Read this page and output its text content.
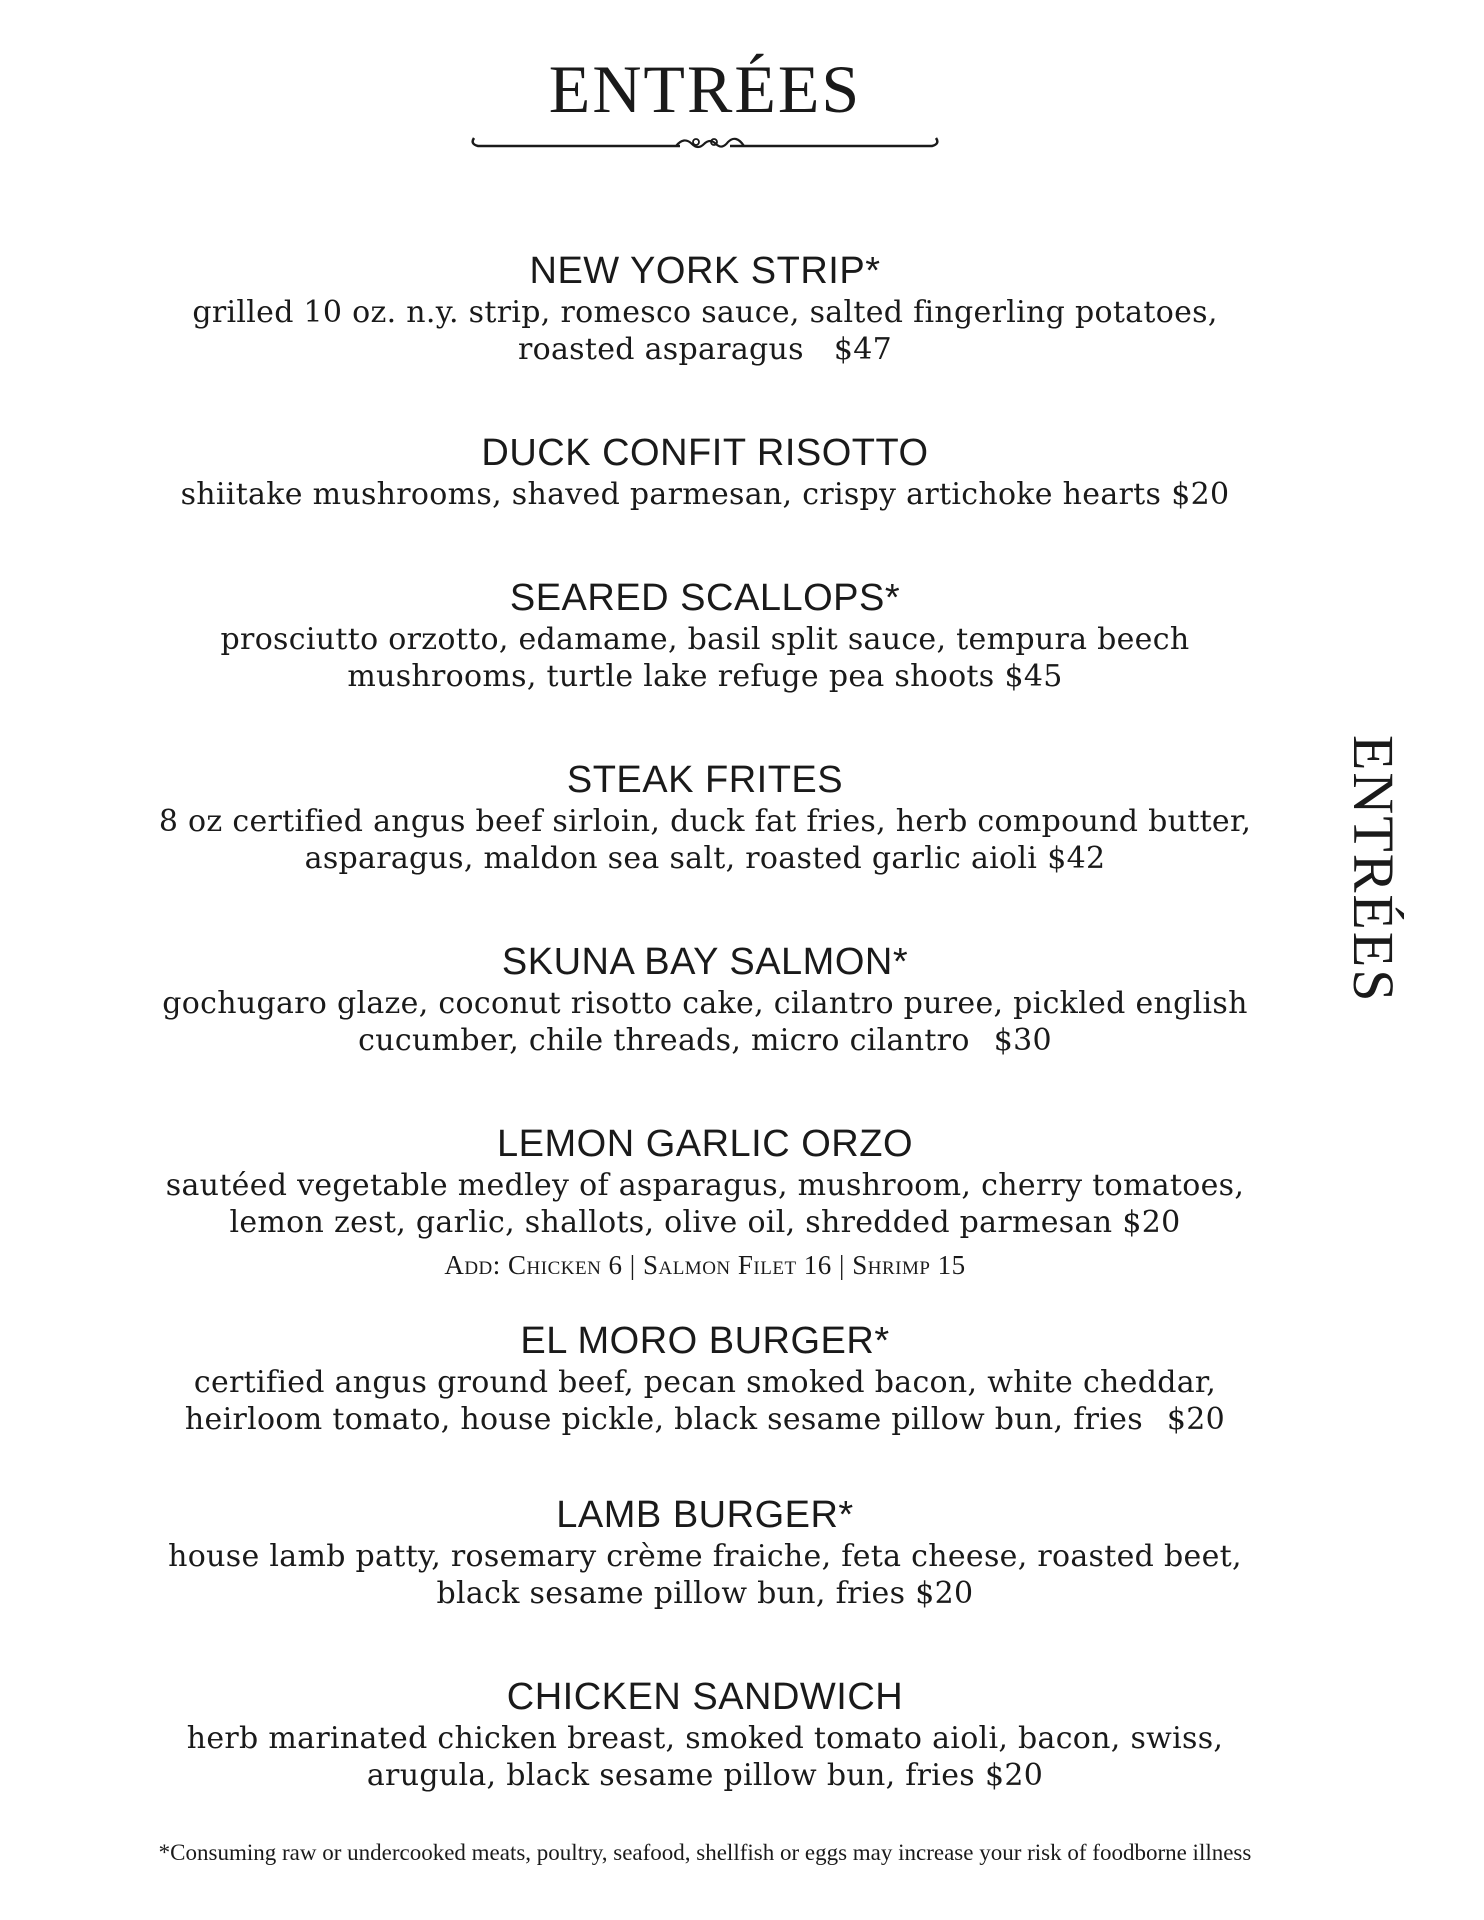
ENTRÉES

NEW YORK STRIP*

grilled 10 oz. n.y. strip, romesco sauce, salted fingerling potatoes,

roasted asparagus $47

DUCK CONFIT RISOTTO

shiitake mushrooms, shaved parmesan, crispy artichoke hearts $20

SEARED SCALLOPS*

prosciutto orzotto, edamame, basil split sauce, tempura beech

mushrooms, turtle lake refuge pea shoots $45

STEAK FRITES

8 oz certified angus beef sirloin, duck fat fries, herb compound butter,

asparagus, maldon sea salt, roasted garlic aioli $42

SKUNA BAY SALMON*

gochugaro glaze, coconut risotto cake, cilantro puree, pickled english

cucumber, chile threads, micro cilantro $30

LEMON GARLIC ORZO

sautéed vegetable medley of asparagus, mushroom, cherry tomatoes,

lemon zest, garlic, shallots, olive oil, shredded parmesan $20

Add: Chicken 6 | Salmon Filet 16 | Shrimp 15

EL MORO BURGER*

certified angus ground beef, pecan smoked bacon, white cheddar,

heirloom tomato, house pickle, black sesame pillow bun, fries $20

LAMB BURGER*

house lamb patty, rosemary crème fraiche, feta cheese, roasted beet,

black sesame pillow bun, fries $20

CHICKEN SANDWICH

herb marinated chicken breast, smoked tomato aioli, bacon, swiss,

arugula, black sesame pillow bun, fries $20

ENTRÉES
*Consuming raw or undercooked meats, poultry, seafood, shellfish or eggs may increase your risk of foodborne illness
